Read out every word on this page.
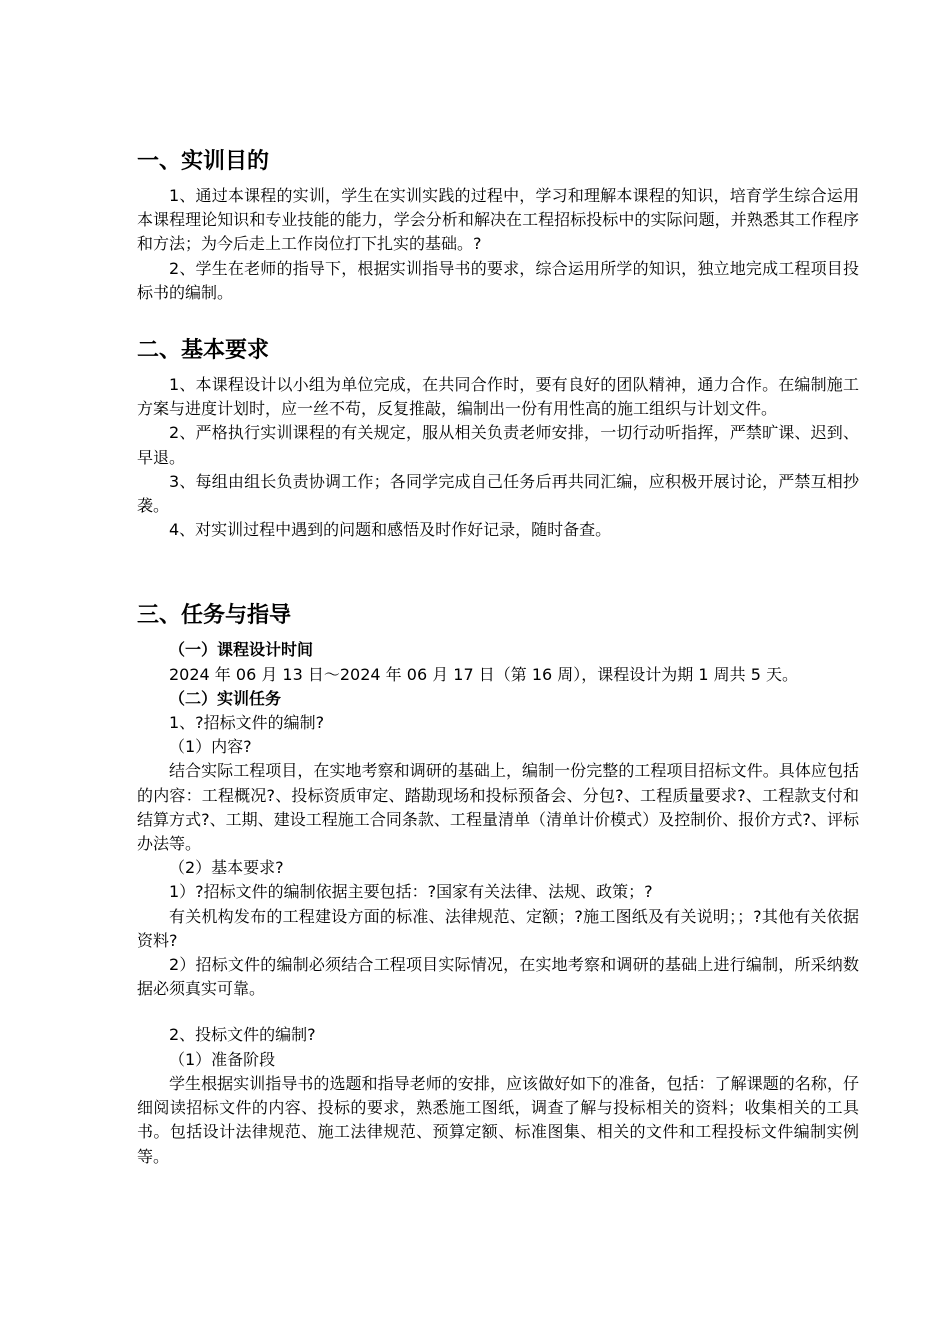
一、实训目的

1、通过本课程的实训，学生在实训实践的过程中，学习和理解本课程的知识，培育学生综合运用本课程理论知识和专业技能的能力，学会分析和解决在工程招标投标中的实际问题，并熟悉其工作程序和方法；为今后走上工作岗位打下扎实的基础。?

2、学生在老师的指导下，根据实训指导书的要求，综合运用所学的知识，独立地完成工程项目投标书的编制。

二、基本要求

1、本课程设计以小组为单位完成，在共同合作时，要有良好的团队精神，通力合作。在编制施工方案与进度计划时，应一丝不苟，反复推敲，编制出一份有用性高的施工组织与计划文件。

2、严格执行实训课程的有关规定，服从相关负责老师安排，一切行动听指挥，严禁旷课、迟到、早退。

3、每组由组长负责协调工作；各同学完成自己任务后再共同汇编，应积极开展讨论，严禁互相抄袭。

4、对实训过程中遇到的问题和感悟及时作好记录，随时备查。

三、任务与指导

（一）课程设计时间

2024 年 06 月 13 日～2024 年 06 月 17 日（第 16 周），课程设计为期 1 周共 5 天。

（二）实训任务

1、?招标文件的编制?

（1）内容?

结合实际工程项目，在实地考察和调研的基础上，编制一份完整的工程项目招标文件。具体应包括的内容：工程概况?、投标资质审定、踏勘现场和投标预备会、分包?、工程质量要求?、工程款支付和结算方式?、工期、建设工程施工合同条款、工程量清单（清单计价模式）及控制价、报价方式?、评标办法等。

（2）基本要求?

1）?招标文件的编制依据主要包括：?国家有关法律、法规、政策；?

有关机构发布的工程建设方面的标准、法律规范、定额；?施工图纸及有关说明；；?其他有关依据资料?

2）招标文件的编制必须结合工程项目实际情况，在实地考察和调研的基础上进行编制，所采纳数据必须真实可靠。

2、投标文件的编制?

（1）准备阶段

学生根据实训指导书的选题和指导老师的安排，应该做好如下的准备，包括：了解课题的名称，仔细阅读招标文件的内容、投标的要求，熟悉施工图纸，调查了解与投标相关的资料；收集相关的工具书。包括设计法律规范、施工法律规范、预算定额、标准图集、相关的文件和工程投标文件编制实例等。
